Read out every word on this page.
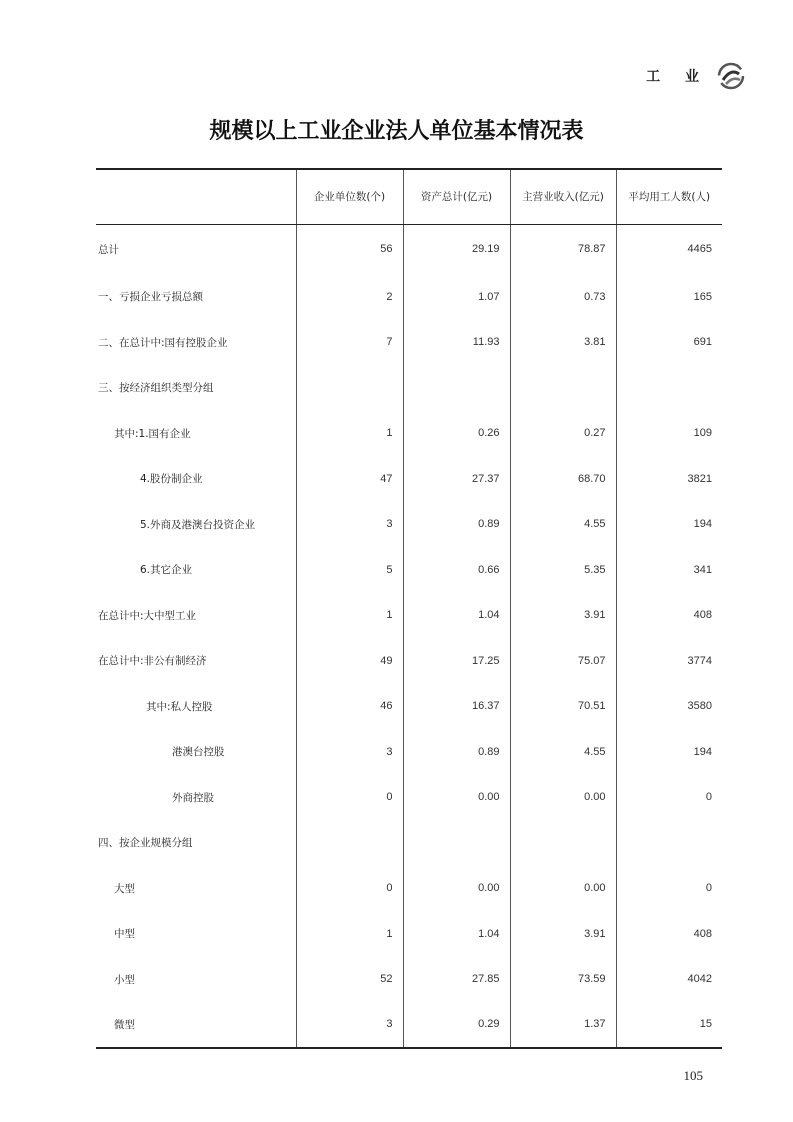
工 业
规模以上工业企业法人单位基本情况表
	企业单位数(个)	资产总计(亿元)	主营业收入(亿元)	平均用工人数(人)
总计	56	29.19	78.87	4465
一、亏损企业亏损总额	2	1.07	0.73	165
二、在总计中:国有控股企业	7	11.93	3.81	691
三、按经济组织类型分组				
其中:1.国有企业	1	0.26	0.27	109
4.股份制企业	47	27.37	68.70	3821
5.外商及港澳台投资企业	3	0.89	4.55	194
6.其它企业	5	0.66	5.35	341
在总计中:大中型工业	1	1.04	3.91	408
在总计中:非公有制经济	49	17.25	75.07	3774
其中:私人控股	46	16.37	70.51	3580
港澳台控股	3	0.89	4.55	194
外商控股	0	0.00	0.00	0
四、按企业规模分组				
大型	0	0.00	0.00	0
中型	1	1.04	3.91	408
小型	52	27.85	73.59	4042
微型	3	0.29	1.37	15
105
